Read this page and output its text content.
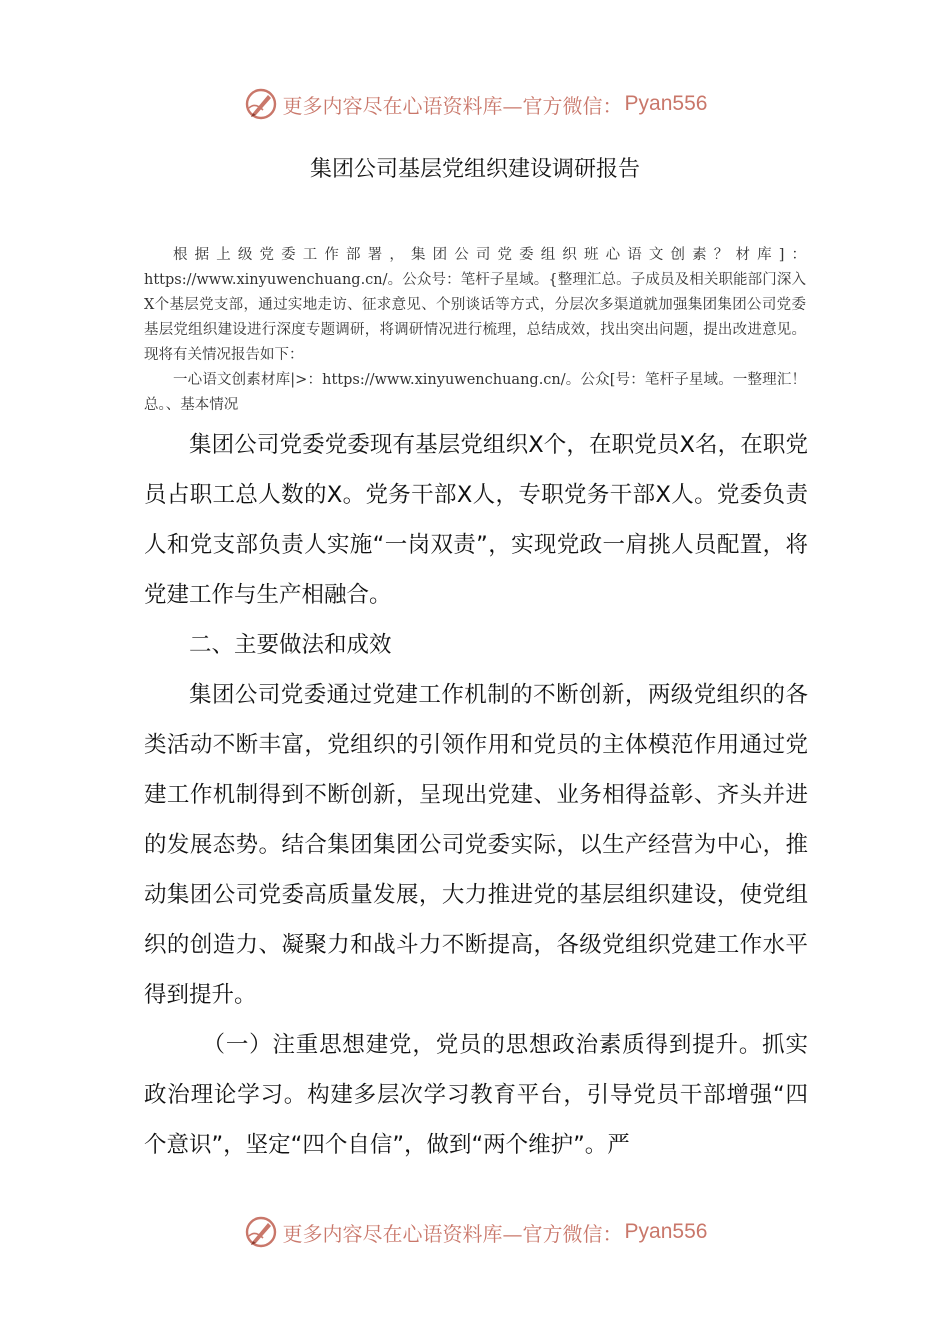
更多内容尽在心语资料库—官方微信： Pyan556
集团公司基层党组织建设调研报告

根据上级党委工作部署，集团公司党委组织班心语文创素？材库]：https://www.xinyuwenchuang.cn/。公众号：笔杆子星域。{整理汇总。子成员及相关职能部门深入X个基层党支部，通过实地走访、征求意见、个别谈话等方式，分层次多渠道就加强集团集团公司党委基层党组织建设进行深度专题调研，将调研情况进行梳理，总结成效，找出突出问题，提出改进意见。现将有关情况报告如下：

一心语文创素材库|>：https://www.xinyuwenchuang.cn/。公众[号：笔杆子星域。一整理汇！总。、基本情况

集团公司党委党委现有基层党组织X个，在职党员X名，在职党员占职工总人数的X。党务干部X人，专职党务干部X人。党委负责人和党支部负责人实施“一岗双责”，实现党政一肩挑人员配置，将党建工作与生产相融合。

二、主要做法和成效

集团公司党委通过党建工作机制的不断创新，两级党组织的各类活动不断丰富，党组织的引领作用和党员的主体模范作用通过党建工作机制得到不断创新，呈现出党建、业务相得益彰、齐头并进的发展态势。结合集团集团公司党委实际，以生产经营为中心，推动集团公司党委高质量发展，大力推进党的基层组织建设，使党组织的创造力、凝聚力和战斗力不断提高，各级党组织党建工作水平得到提升。

（一）注重思想建党，党员的思想政治素质得到提升。抓实政治理论学习。构建多层次学习教育平台，引导党员干部增强“四个意识”，坚定“四个自信”，做到“两个维护”。严

更多内容尽在心语资料库—官方微信： Pyan556
